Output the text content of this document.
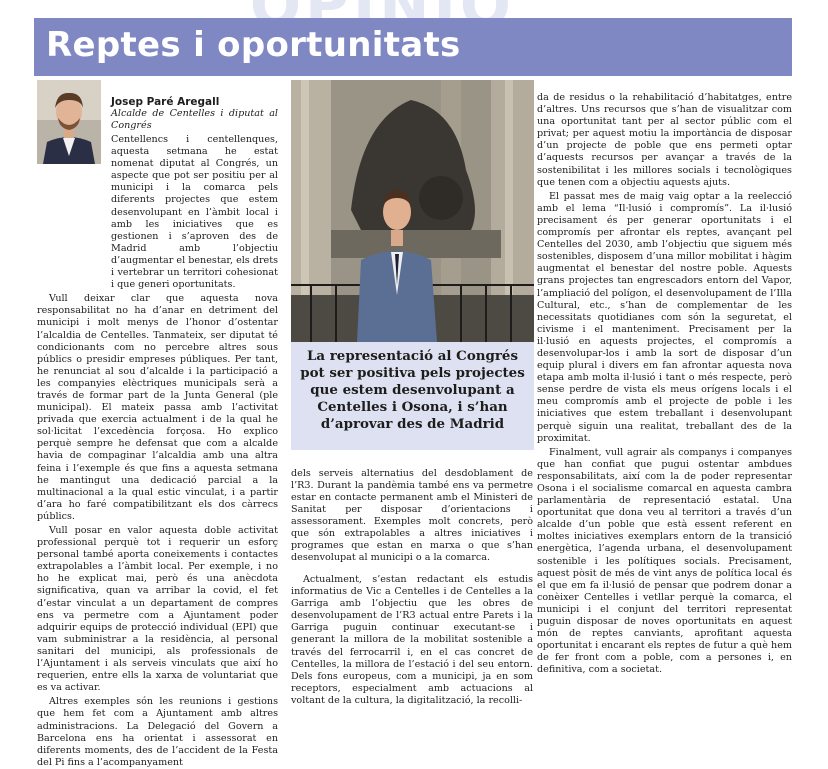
Reptes i oportunitats
Josep Paré Aregall
Alcalde de Centelles i diputat al Congrés

Centellencs i centellenques, aquesta setmana he estat nomenat diputat al Congrés, un aspecte que pot ser positiu per al municipi i la comarca pels diferents projectes que estem desenvolupant en l’àmbit local i amb les iniciatives que es gestionen i s’aproven des de Madrid amb l’objectiu d’augmentar el benestar, els drets i vertebrar un territori cohesionat i que generi oportunitats.

Vull deixar clar que aquesta nova responsabilitat no ha d’anar en detriment del municipi i molt menys de l’honor d’ostentar l’alcaldia de Centelles. Tanmateix, ser diputat té condicionants com no percebre altres sous públics o presidir empreses públiques. Per tant, he renunciat al sou d’alcalde i la participació a les companyies elèctriques municipals serà a través de formar part de la Junta General (ple municipal). El mateix passa amb l’activitat privada que exercia actualment i de la qual he sol·licitat l’excedència forçosa. Ho explico perquè sempre he defensat que com a alcalde havia de compaginar l’alcaldia amb una altra feina i l’exemple és que fins a aquesta setmana he mantingut una dedicació parcial a la multinacional a la qual estic vinculat, i a partir d’ara ho faré compatibilitzant els dos càrrecs públics.

Vull posar en valor aquesta doble activitat professional perquè tot i requerir un esforç personal també aporta coneixements i contactes extrapolables a l’àmbit local. Per exemple, i no ho he explicat mai, però és una anècdota significativa, quan va arribar la covid, el fet d’estar vinculat a un departament de compres ens va permetre com a Ajuntament poder adquirir equips de protecció individual (EPI) que vam subministrar a la residència, al personal sanitari del municipi, als professionals de l’Ajuntament i als serveis vinculats que així ho requerien, entre ells la xarxa de voluntariat que es va activar.

Altres exemples són les reunions i gestions que hem fet com a Ajuntament amb altres administracions. La Delegació del Govern a Barcelona ens ha orientat i assessorat en diferents moments, des de l’accident de la Festa del Pi fins a l’acompanyament

La representació al Congrés pot ser positiva pels projectes que estem desenvolupant a Centelles i Osona, i s’han d’aprovar des de Madrid

dels serveis alternatius del desdoblament de l’R3. Durant la pandèmia també ens va permetre estar en contacte permanent amb el Ministeri de Sanitat per disposar d’orientacions i assessorament. Exemples molt concrets, però que són extrapolables a altres iniciatives i programes que estan en marxa o que s’han desenvolupat al municipi o a la comarca.

Actualment, s’estan redactant els estudis informatius de Vic a Centelles i de Centelles a la Garriga amb l’objectiu que les obres de desenvolupament de l’R3 actual entre Parets i la Garriga puguin continuar executant-se i generant la millora de la mobilitat sostenible a través del ferrocarril i, en el cas concret de Centelles, la millora de l’estació i del seu entorn. Dels fons europeus, com a municipi, ja en som receptors, especialment amb actuacions al voltant de la cultura, la digitalització, la recolli-

da de residus o la rehabilitació d’habitatges, entre d’altres. Uns recursos que s’han de visualitzar com una oportunitat tant per al sector públic com el privat; per aquest motiu la importància de disposar d’un projecte de poble que ens permeti optar d’aquests recursos per avançar a través de la sostenibilitat i les millores socials i tecnològiques que tenen com a objectiu aquests ajuts.

El passat mes de maig vaig optar a la reelecció amb el lema “Il·lusió i compromís”. La il·lusió precisament és per generar oportunitats i el compromís per afrontar els reptes, avançant pel Centelles del 2030, amb l’objectiu que siguem més sostenibles, disposem d’una millor mobilitat i hàgim augmentat el benestar del nostre poble. Aquests grans projectes tan engrescadors entorn del Vapor, l’ampliació del polígon, el desenvolupament de l’Illa Cultural, etc., s’han de complementar de les necessitats quotidianes com són la seguretat, el civisme i el manteniment. Precisament per la il·lusió en aquests projectes, el compromís a desenvolupar-los i amb la sort de disposar d’un equip plural i divers em fan afrontar aquesta nova etapa amb molta il·lusió i tant o més respecte, però sense perdre de vista els meus orígens locals i el meu compromís amb el projecte de poble i les iniciatives que estem treballant i desenvolupant perquè siguin una realitat, treballant des de la proximitat.

Finalment, vull agrair als companys i companyes que han confiat que pugui ostentar ambdues responsabilitats, així com la de poder representar Osona i el socialisme comarcal en aquesta cambra parlamentària de representació estatal. Una oportunitat que dona veu al territori a través d’un alcalde d’un poble que està essent referent en moltes iniciatives exemplars entorn de la transició energètica, l’agenda urbana, el desenvolupament sostenible i les polítiques socials. Precisament, aquest pòsit de més de vint anys de política local és el que em fa il·lusió de pensar que podrem donar a conèixer Centelles i vetllar perquè la comarca, el municipi i el conjunt del territori representat puguin disposar de noves oportunitats en aquest món de reptes canviants, aprofitant aquesta oportunitat i encarant els reptes de futur a què hem de fer front com a poble, com a persones i, en definitiva, com a societat.
